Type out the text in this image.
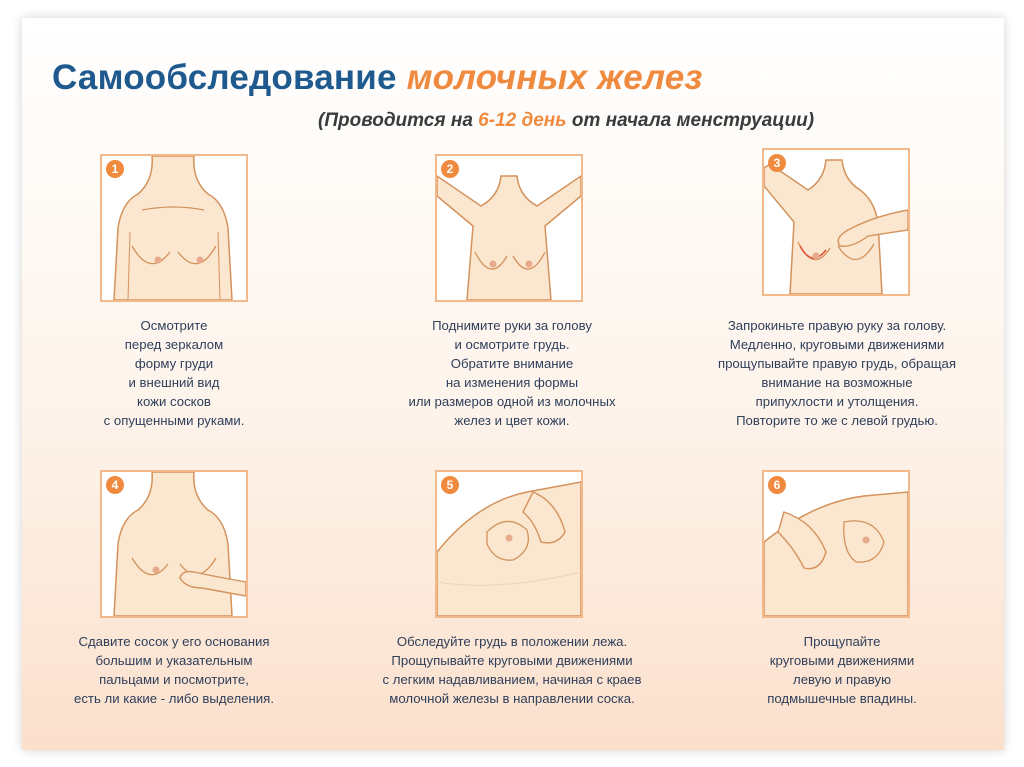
Самообследование молочных желез
(Проводится на 6-12 день от начала менструации)
1
Осмотрите
перед зеркалом
форму груди
и внешний вид
кожи сосков
с опущенными руками.
2
Поднимите руки за голову
и осмотрите грудь.
Обратите внимание
на изменения формы
или размеров одной из молочных
желез и цвет кожи.
3
Запрокиньте правую руку за голову.
Медленно, круговыми движениями
прощупывайте правую грудь, обращая
внимание на возможные
припухлости и утолщения.
Повторите то же с левой грудью.
4
Сдавите сосок у его основания
большим и указательным
пальцами и посмотрите,
есть ли какие - либо выделения.
5
Обследуйте грудь в положении лежа.
Прощупывайте круговыми движениями
с легким надавливанием, начиная с краев
молочной железы в направлении соска.
6
Прощупайте
круговыми движениями
левую и правую
подмышечные впадины.
